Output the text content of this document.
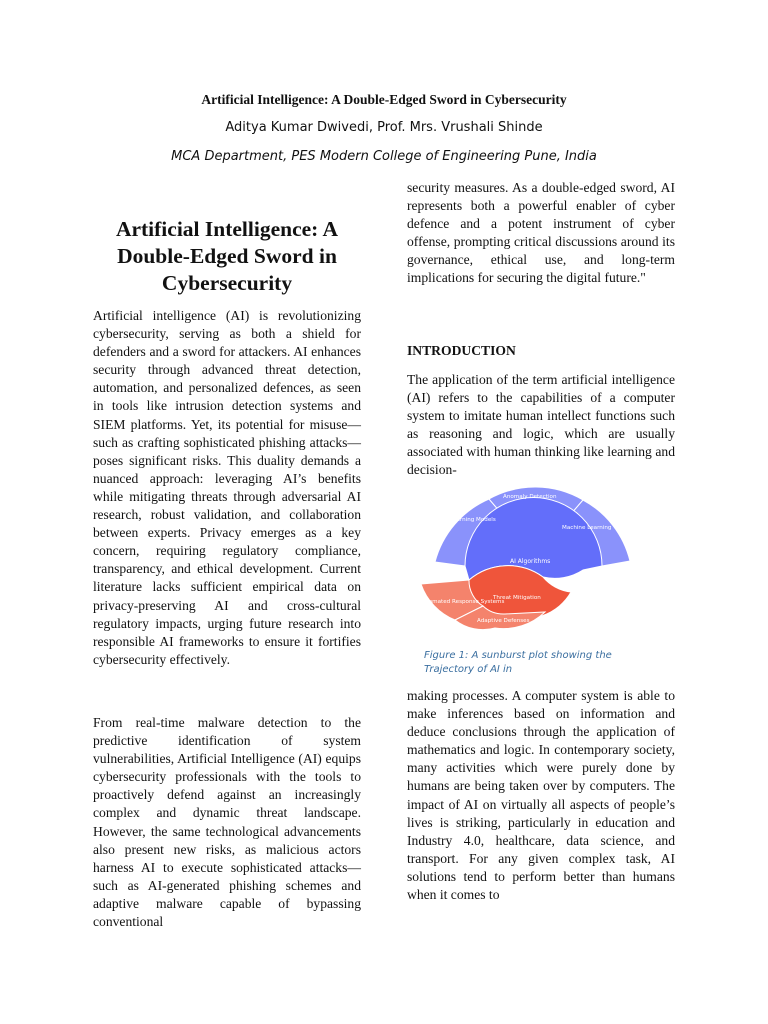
Artificial Intelligence: A Double-Edged Sword in Cybersecurity
Aditya Kumar Dwivedi, Prof. Mrs. Vrushali Shinde
MCA Department, PES Modern College of Engineering Pune, India
Artificial Intelligence: A Double-Edged Sword in Cybersecurity

Artificial intelligence (AI) is revolutionizing cybersecurity, serving as both a shield for defenders and a sword for attackers. AI enhances security through advanced threat detection, automation, and personalized defences, as seen in tools like intrusion detection systems and SIEM platforms. Yet, its potential for misuse—such as crafting sophisticated phishing attacks—poses significant risks. This duality demands a nuanced approach: leveraging AI’s benefits while mitigating threats through adversarial AI research, robust validation, and collaboration between experts. Privacy emerges as a key concern, requiring regulatory compliance, transparency, and ethical development. Current literature lacks sufficient empirical data on privacy-preserving AI and cross-cultural regulatory impacts, urging future research into responsible AI frameworks to ensure it fortifies cybersecurity effectively.

From real-time malware detection to the predictive identification of system vulnerabilities, Artificial Intelligence (AI) equips cybersecurity professionals with the tools to proactively defend against an increasingly complex and dynamic threat landscape. However, the same technological advancements also present new risks, as malicious actors harness AI to execute sophisticated attacks—such as AI-generated phishing schemes and adaptive malware capable of bypassing conventional

security measures. As a double-edged sword, AI represents both a powerful enabler of cyber defence and a potent instrument of cyber offense, prompting critical discussions around its governance, ethical use, and long-term implications for securing the digital future."

INTRODUCTION

The application of the term artificial intelligence (AI) refers to the capabilities of a computer system to imitate human intellect functions such as reasoning and logic, which are usually associated with human thinking like learning and decision-

Learning Models
Anomaly Detection
Machine Learning
AI Algorithms
Threat Mitigation
utomated Response Systems
Adaptive Defenses
Figure 1: A sunburst plot showing the Trajectory of AI in

making processes. A computer system is able to make inferences based on information and deduce conclusions through the application of mathematics and logic. In contemporary society, many activities which were purely done by humans are being taken over by computers. The impact of AI on virtually all aspects of people’s lives is striking, particularly in education and Industry 4.0, healthcare, data science, and transport. For any given complex task, AI solutions tend to perform better than humans when it comes to
